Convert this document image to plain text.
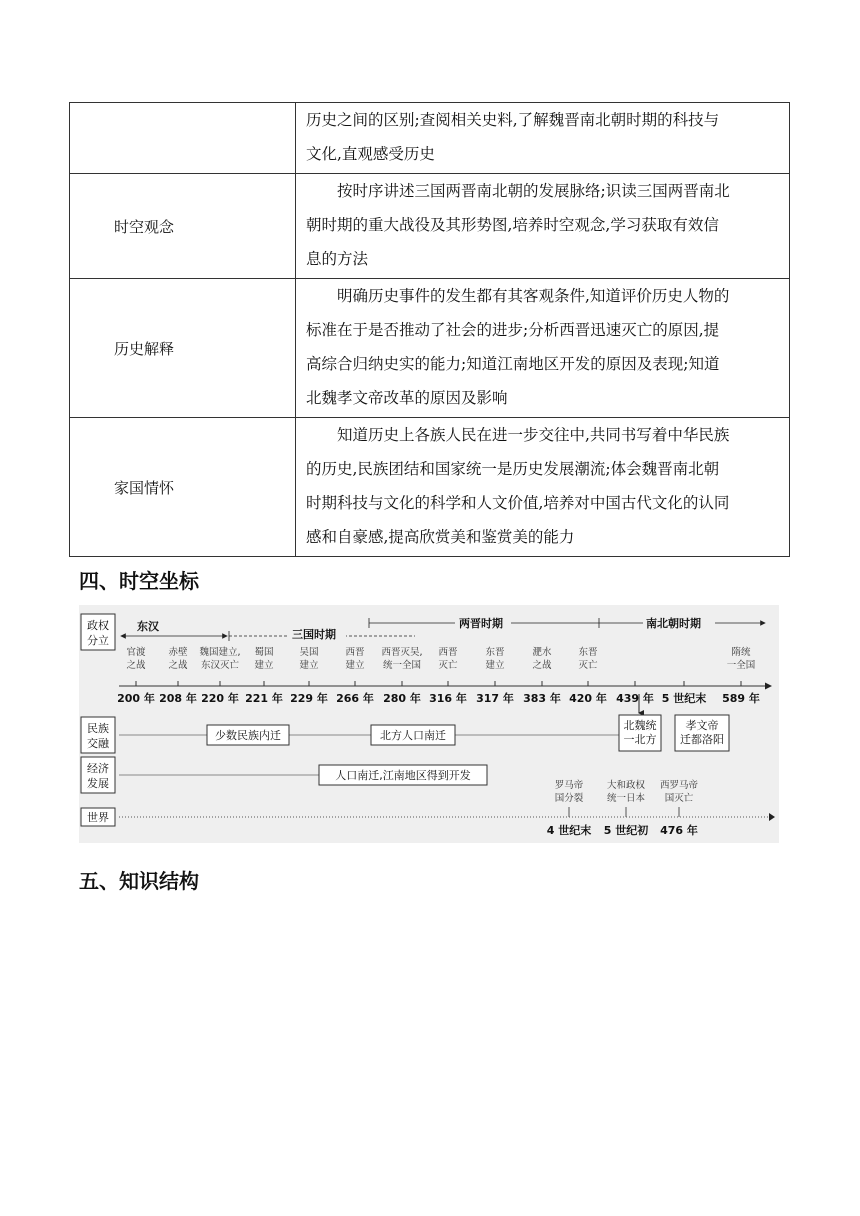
	历史之间的区别;查阅相关史料,了解魏晋南北朝时期的科技与
文化,直观感受历史

时空观念	按时序讲述三国两晋南北朝的发展脉络;识读三国两晋南北
朝时期的重大战役及其形势图,培养时空观念,学习获取有效信
息的方法

历史解释	明确历史事件的发生都有其客观条件,知道评价历史人物的
标准在于是否推动了社会的进步;分析西晋迅速灭亡的原因,提
高综合归纳史实的能力;知道江南地区开发的原因及表现;知道
北魏孝文帝改革的原因及影响

家国情怀	知道历史上各族人民在进一步交往中,共同书写着中华民族
的历史,民族团结和国家统一是历史发展潮流;体会魏晋南北朝
时期科技与文化的科学和人文价值,培养对中国古代文化的认同
感和自豪感,提高欣赏美和鉴赏美的能力
四、时空坐标
政权
分立
民族
交融
经济
发展
世界
东汉
三国时期
两晋时期	南北朝时期
官渡
之战
200 年
赤壁
之战
208 年
魏国建立,
东汉灭亡
220 年
蜀国
建立
221 年
吴国
建立
229 年
西晋
建立
266 年
西晋灭吴,
统一全国
280 年
西晋
灭亡
316 年
东晋
建立
317 年
淝水
之战
383 年
东晋
灭亡
420 年 439 年 5 世纪末
隋统
一全国
589 年
少数民族内迁	北方人口南迁
北魏统一北方
孝文帝迁都洛阳
人口南迁,江南地区得到开发
罗马帝
国分裂
4 世纪末
大和政权
统一日本
5 世纪初
西罗马帝
国灭亡
476 年
五、知识结构
